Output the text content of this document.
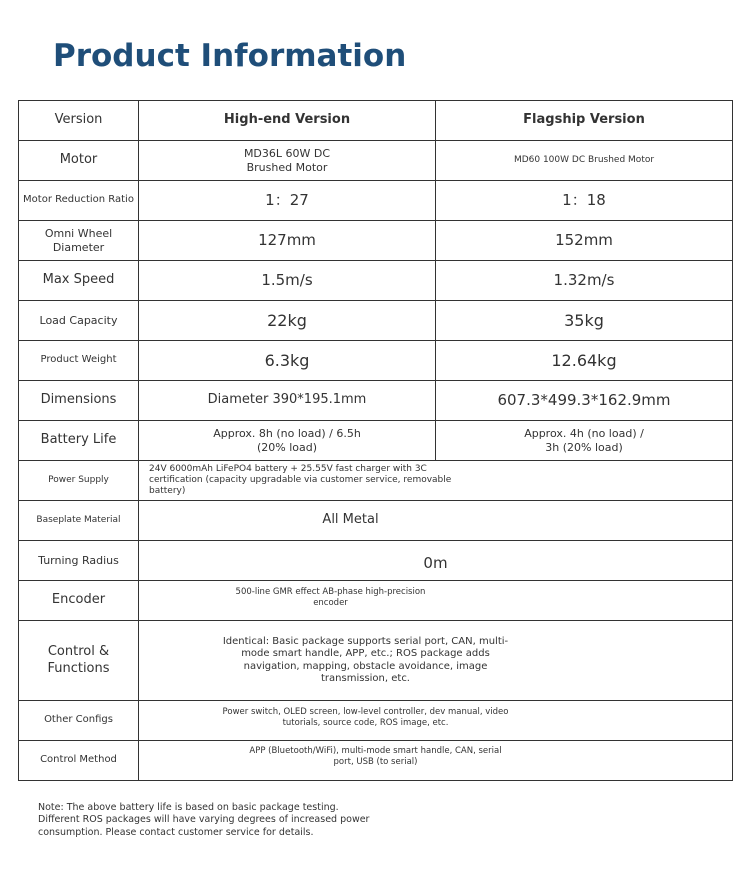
Product Information
Version	High-end Version	Flagship Version
Motor	MD36L 60W DC Brushed Motor	MD60 100W DC Brushed Motor
Motor Reduction Ratio	1：27	1：18
Omni Wheel Diameter	127mm	152mm
Max Speed	1.5m/s	1.32m/s
Load Capacity	22kg	35kg
Product Weight	6.3kg	12.64kg
Dimensions	Diameter 390*195.1mm	607.3*499.3*162.9mm
Battery Life	Approx. 8h (no load) / 6.5h (20% load)	Approx. 4h (no load) / 3h (20% load)

Power Supply	24V 6000mAh LiFePO4 battery + 25.55V fast charger with 3C certification (capacity upgradable via customer service, removable battery)	

Baseplate Material	All Metal	
Turning Radius	0m	
Encoder	500-line GMR effect AB-phase high-precision encoder	

Control & Functions	Identical: Basic package supports serial port, CAN, multi-mode smart handle, APP, etc.; ROS package adds navigation, mapping, obstacle avoidance, image transmission, etc.	

Other Configs	Power switch, OLED screen, low-level controller, dev manual, video tutorials, source code, ROS image, etc.	

Control Method	APP (Bluetooth/WiFi), multi-mode smart handle, CAN, serial port, USB (to serial)	
Note: The above battery life is based on basic package testing. Different ROS packages will have varying degrees of increased power consumption. Please contact customer service for details.
